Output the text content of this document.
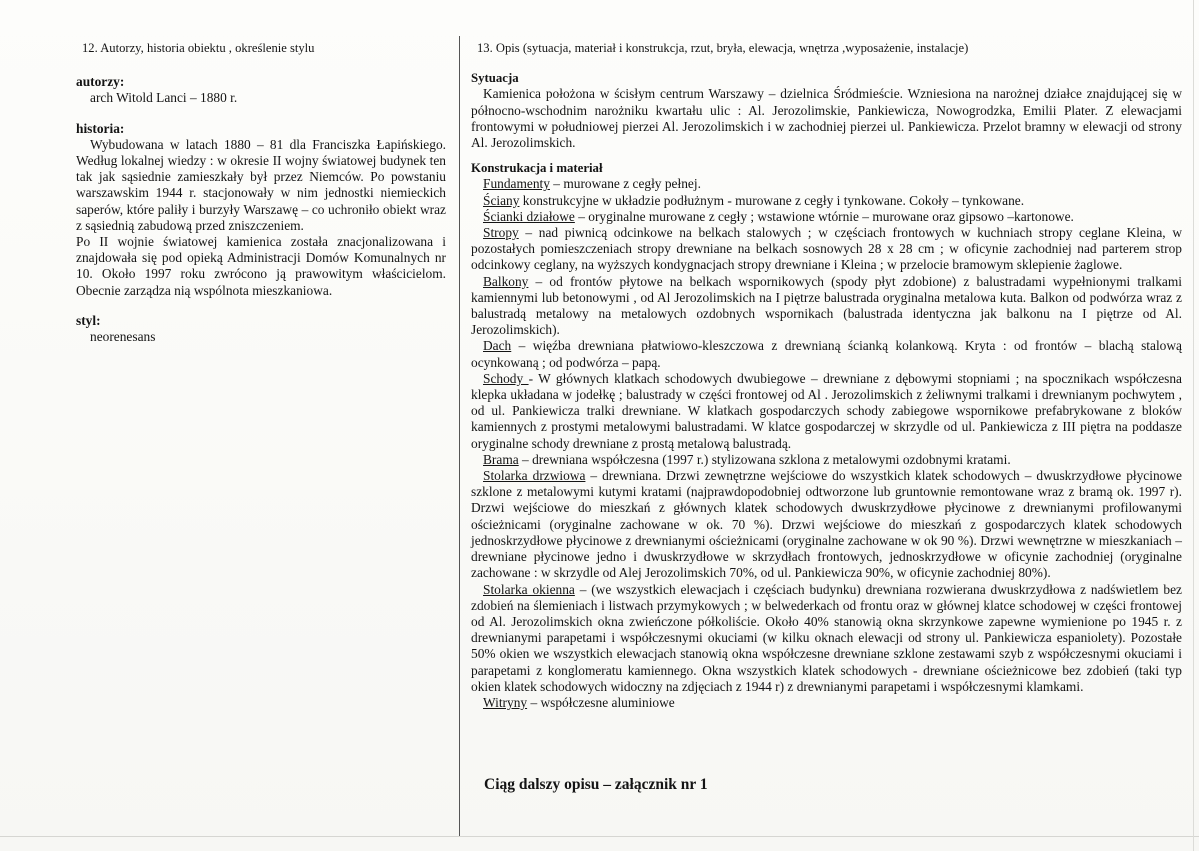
12. Autorzy, historia obiektu , określenie stylu
autorzy:
arch Witold Lanci – 1880 r.
historia:
Wybudowana w latach 1880 – 81 dla Franciszka Łapińskiego. Według lokalnej wiedzy : w okresie II wojny światowej budynek ten tak jak sąsiednie zamieszkały był przez Niemców. Po powstaniu warszawskim 1944 r. stacjonowały w nim jednostki niemieckich saperów, które paliły i burzyły Warszawę – co uchroniło obiekt wraz z sąsiednią zabudową przed zniszczeniem.
Po II wojnie światowej kamienica została znacjonalizowana i znajdowała się pod opieką Administracji Domów Komunalnych nr 10. Około 1997 roku zwrócono ją prawowitym właścicielom. Obecnie zarządza nią wspólnota mieszkaniowa.
styl:
neorenesans
13. Opis (sytuacja, materiał i konstrukcja, rzut, bryła, elewacja, wnętrza ,wyposażenie, instalacje)
Sytuacja
Kamienica położona w ścisłym centrum Warszawy – dzielnica Śródmieście. Wzniesiona na narożnej działce znajdującej się w północno-wschodnim narożniku kwartału ulic : Al. Jerozolimskie, Pankiewicza, Nowogrodzka, Emilii Plater. Z elewacjami frontowymi w południowej pierzei Al. Jerozolimskich i w zachodniej pierzei ul. Pankiewicza. Przelot bramny w elewacji od strony Al. Jerozolimskich.
Konstrukacja i materiał
Fundamenty – murowane z cegły pełnej.
Ściany konstrukcyjne w układzie podłużnym - murowane z cegły i tynkowane. Cokoły – tynkowane.
Ścianki działowe – oryginalne murowane z cegły ; wstawione wtórnie – murowane oraz gipsowo –kartonowe.
Stropy – nad piwnicą odcinkowe na belkach stalowych ; w częściach frontowych w kuchniach stropy ceglane Kleina, w pozostałych pomieszczeniach stropy drewniane na belkach sosnowych 28 x 28 cm ; w oficynie zachodniej nad parterem strop odcinkowy ceglany, na wyższych kondygnacjach stropy drewniane i Kleina ; w przelocie bramowym sklepienie żaglowe.
Balkony – od frontów płytowe na belkach wspornikowych (spody płyt zdobione) z balustradami wypełnionymi tralkami kamiennymi lub betonowymi , od Al Jerozolimskich na I piętrze balustrada oryginalna metalowa kuta. Balkon od podwórza wraz z balustradą metalowy na metalowych ozdobnych wspornikach (balustrada identyczna jak balkonu na I piętrze od Al. Jerozolimskich).
Dach – więźba drewniana płatwiowo-kleszczowa z drewnianą ścianką kolankową. Kryta : od frontów – blachą stalową ocynkowaną ; od podwórza – papą.
Schody - W głównych klatkach schodowych dwubiegowe – drewniane z dębowymi stopniami ; na spocznikach współczesna klepka układana w jodełkę ; balustrady w części frontowej od Al . Jerozolimskich z żeliwnymi tralkami i drewnianym pochwytem , od ul. Pankiewicza tralki drewniane. W klatkach gospodarczych schody zabiegowe wspornikowe prefabrykowane z bloków kamiennych z prostymi metalowymi balustradami. W klatce gospodarczej w skrzydle od ul. Pankiewicza z III piętra na poddasze oryginalne schody drewniane z prostą metalową balustradą.
Brama – drewniana współczesna (1997 r.) stylizowana szklona z metalowymi ozdobnymi kratami.
Stolarka drzwiowa – drewniana. Drzwi zewnętrzne wejściowe do wszystkich klatek schodowych – dwuskrzydłowe płycinowe szklone z metalowymi kutymi kratami (najprawdopodobniej odtworzone lub gruntownie remontowane wraz z bramą ok. 1997 r). Drzwi wejściowe do mieszkań z głównych klatek schodowych dwuskrzydłowe płycinowe z drewnianymi profilowanymi ościeżnicami (oryginalne zachowane w ok. 70 %). Drzwi wejściowe do mieszkań z gospodarczych klatek schodowych jednoskrzydłowe płycinowe z drewnianymi ościeżnicami (oryginalne zachowane w ok 90 %). Drzwi wewnętrzne w mieszkaniach – drewniane płycinowe jedno i dwuskrzydłowe w skrzydłach frontowych, jednoskrzydłowe w oficynie zachodniej (oryginalne zachowane : w skrzydle od Alej Jerozolimskich 70%, od ul. Pankiewicza 90%, w oficynie zachodniej 80%).
Stolarka okienna – (we wszystkich elewacjach i częściach budynku) drewniana rozwierana dwuskrzydłowa z nadświetlem bez zdobień na ślemieniach i listwach przymykowych ; w belwederkach od frontu oraz w głównej klatce schodowej w części frontowej od Al. Jerozolimskich okna zwieńczone półkoliście. Około 40% stanowią okna skrzynkowe zapewne wymienione po 1945 r. z drewnianymi parapetami i współczesnymi okuciami (w kilku oknach elewacji od strony ul. Pankiewicza espanioletу). Pozostałe 50% okien we wszystkich elewacjach stanowią okna współczesne drewniane szklone zestawami szyb z współczesnymi okuciami i parapetami z konglomeratu kamiennego. Okna wszystkich klatek schodowych - drewniane ościeżnicowe bez zdobień (taki typ okien klatek schodowych widoczny na zdjęciach z 1944 r) z drewnianymi parapetami i współczesnymi klamkami.
Witryny – współczesne aluminiowe
Ciąg dalszy opisu – załącznik nr 1
